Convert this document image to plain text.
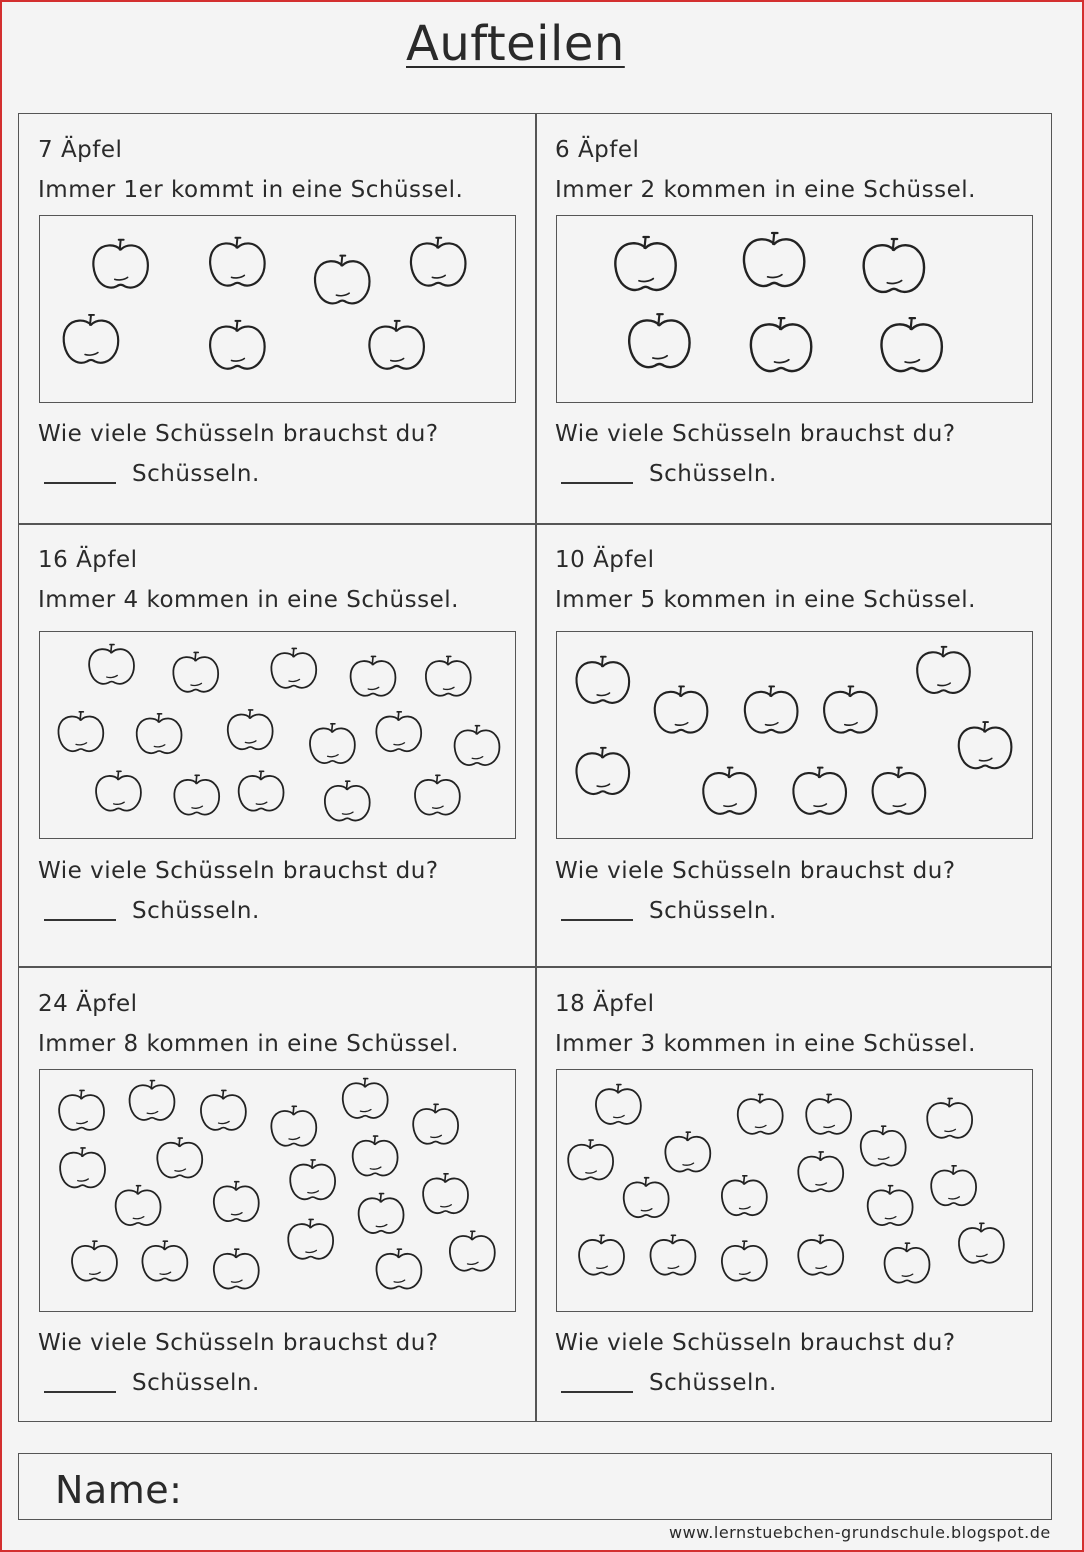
Aufteilen
7 Äpfel
Immer 1er kommt in eine Schüssel.
Wie viele Schüsseln brauchst du?
Schüsseln.
6 Äpfel
Immer 2 kommen in eine Schüssel.
Wie viele Schüsseln brauchst du?
Schüsseln.
16 Äpfel
Immer 4 kommen in eine Schüssel.
Wie viele Schüsseln brauchst du?
Schüsseln.
10 Äpfel
Immer 5 kommen in eine Schüssel.
Wie viele Schüsseln brauchst du?
Schüsseln.
24 Äpfel
Immer 8 kommen in eine Schüssel.
Wie viele Schüsseln brauchst du?
Schüsseln.
18 Äpfel
Immer 3 kommen in eine Schüssel.
Wie viele Schüsseln brauchst du?
Schüsseln.
Name:
www.lernstuebchen-grundschule.blogspot.de
